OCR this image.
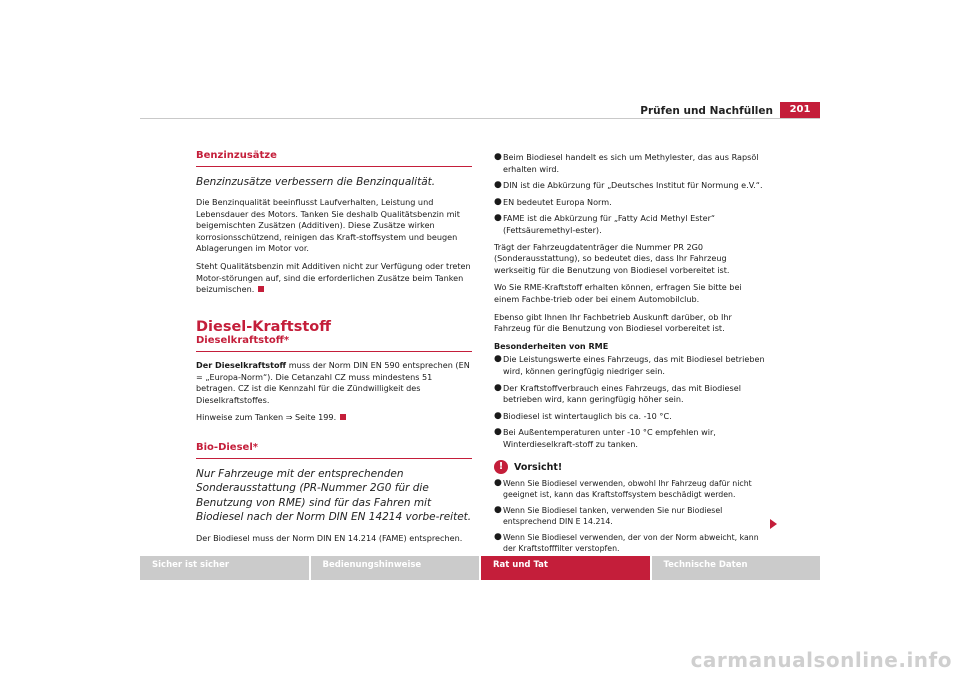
Prüfen und Nachfüllen	201
Benzinzusätze
Benzinzusätze verbessern die Benzinqualität.

Die Benzinqualität beeinflusst Laufverhalten, Leistung und Lebensdauer des Motors. Tanken Sie deshalb Qualitätsbenzin mit beigemischten Zusätzen (Additiven). Diese Zusätze wirken korrosionsschützend, reinigen das Kraft-stoffsystem und beugen Ablagerungen im Motor vor.

Steht Qualitätsbenzin mit Additiven nicht zur Verfügung oder treten Motor-störungen auf, sind die erforderlichen Zusätze beim Tanken beizumischen.

Diesel-Kraftstoff
Dieselkraftstoff*

Der Dieselkraftstoff muss der Norm DIN EN 590 entsprechen (EN = „Europa-Norm“). Die Cetanzahl CZ muss mindestens 51 betragen. CZ ist die Kennzahl für die Zündwilligkeit des Dieselkraftstoffes.

Hinweise zum Tanken ⇒ Seite 199.

Bio-Diesel*
Nur Fahrzeuge mit der entsprechenden Sonderausstattung (PR-Nummer 2G0 für die Benutzung von RME) sind für das Fahren mit Biodiesel nach der Norm DIN EN 14214 vorbe-reitet.

Der Biodiesel muss der Norm DIN EN 14.214 (FAME) entsprechen.

● Beim Biodiesel handelt es sich um Methylester, das aus Rapsöl erhalten wird.
● DIN ist die Abkürzung für „Deutsches Institut für Normung e.V.“.
● EN bedeutet Europa Norm.
● FAME ist die Abkürzung für „Fatty Acid Methyl Ester“ (Fettsäuremethyl-ester).

Trägt der Fahrzeugdatenträger die Nummer PR 2G0 (Sonderausstattung), so bedeutet dies, dass Ihr Fahrzeug werkseitig für die Benutzung von Biodiesel vorbereitet ist.

Wo Sie RME-Kraftstoff erhalten können, erfragen Sie bitte bei einem Fachbe-trieb oder bei einem Automobilclub.

Ebenso gibt Ihnen Ihr Fachbetrieb Auskunft darüber, ob Ihr Fahrzeug für die Benutzung von Biodiesel vorbereitet ist.

Besonderheiten von RME
● Die Leistungswerte eines Fahrzeugs, das mit Biodiesel betrieben wird, können geringfügig niedriger sein.
● Der Kraftstoffverbrauch eines Fahrzeugs, das mit Biodiesel betrieben wird, kann geringfügig höher sein.
● Biodiesel ist wintertauglich bis ca. -10 °C.
● Bei Außentemperaturen unter -10 °C empfehlen wir, Winterdieselkraft-stoff zu tanken.
!	Vorsicht!
● Wenn Sie Biodiesel verwenden, obwohl Ihr Fahrzeug dafür nicht geeignet ist, kann das Kraftstoffsystem beschädigt werden.
● Wenn Sie Biodiesel tanken, verwenden Sie nur Biodiesel entsprechend DIN E 14.214.
● Wenn Sie Biodiesel verwenden, der von der Norm abweicht, kann der Kraftstofffilter verstopfen.
Sicher ist sicher	Bedienungshinweise	Rat und Tat	Technische Daten
carmanualsonline.info
